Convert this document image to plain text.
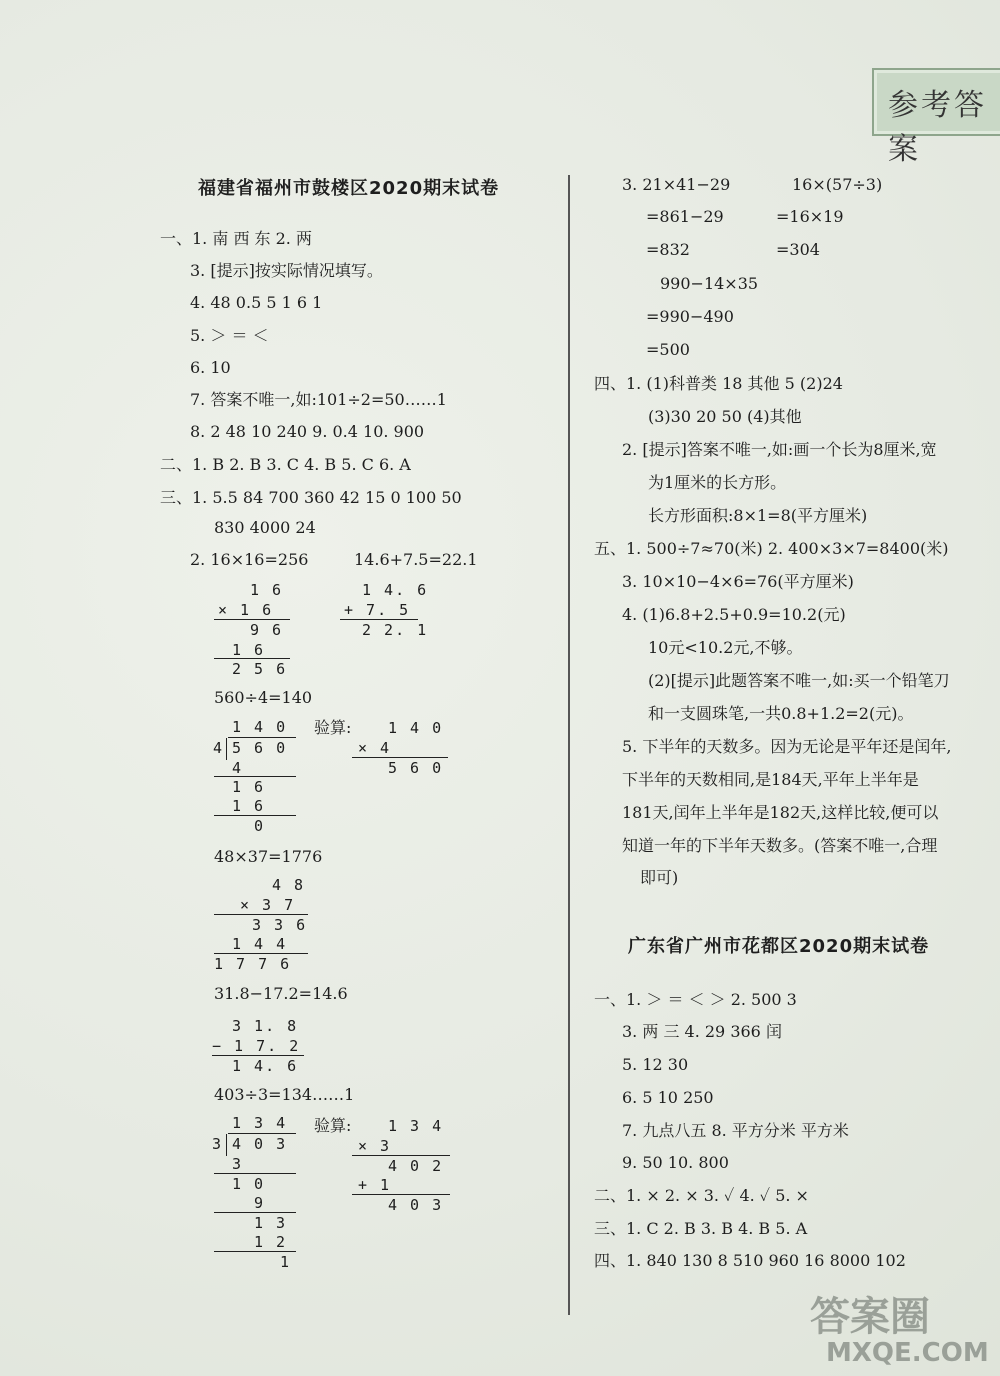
参考答案
福建省福州市鼓楼区2020期末试卷
一、1. 南 西 东 2. 两
3. [提示]按实际情况填写。
4. 48 0.5 5 1 6 1
5. ＞ ＝ ＜
6. 10
7. 答案不唯一,如:101÷2=50……1
8. 2 48 10 240 9. 0.4 10. 900
二、1. B 2. B 3. C 4. B 5. C 6. A
三、1. 5.5 84 700 360 42 15 0 100 50
830 4000 24
2. 16×16=256	14.6+7.5=22.1
1 6
× 1 6
9 6
1 6
2 5 6
1 4. 6
+ 7. 5
2 2. 1
560÷4=140
1 4 0
4 5 6 0
4
1 6
1 6
0
验算: 1 4 0
× 4
5 6 0
48×37=1776
4 8
× 3 7
3 3 6
1 4 4
1 7 7 6
31.8−17.2=14.6
3 1. 8
− 1 7. 2
1 4. 6
403÷3=134……1
1 3 4
3 4 0 3
3
1 0
9
1 3
1 2
1
验算: 1 3 4
× 3
4 0 2
+ 1
4 0 3
3. 21×41−29	16×(57÷3)
=861−29	=16×19
=832	=304
990−14×35
=990−490
=500
四、1. (1)科普类 18 其他 5 (2)24
(3)30 20 50 (4)其他
2. [提示]答案不唯一,如:画一个长为8厘米,宽
为1厘米的长方形。
长方形面积:8×1=8(平方厘米)
五、1. 500÷7≈70(米) 2. 400×3×7=8400(米)
3. 10×10−4×6=76(平方厘米)
4. (1)6.8+2.5+0.9=10.2(元)
10元<10.2元,不够。
(2)[提示]此题答案不唯一,如:买一个铅笔刀
和一支圆珠笔,一共0.8+1.2=2(元)。
5. 下半年的天数多。因为无论是平年还是闰年,
下半年的天数相同,是184天,平年上半年是
181天,闰年上半年是182天,这样比较,便可以
知道一年的下半年天数多。(答案不唯一,合理
即可)
广东省广州市花都区2020期末试卷
一、1. ＞ ＝ ＜ ＞ 2. 500 3
3. 两 三 4. 29 366 闰
5. 12 30
6. 5 10 250
7. 九点八五 8. 平方分米 平方米
9. 50 10. 800
二、1. × 2. × 3. ✓ 4. ✓ 5. ×
三、1. C 2. B 3. B 4. B 5. A
四、1. 840 130 8 510 960 16 8000 102
答案圈
MXQE.COM
